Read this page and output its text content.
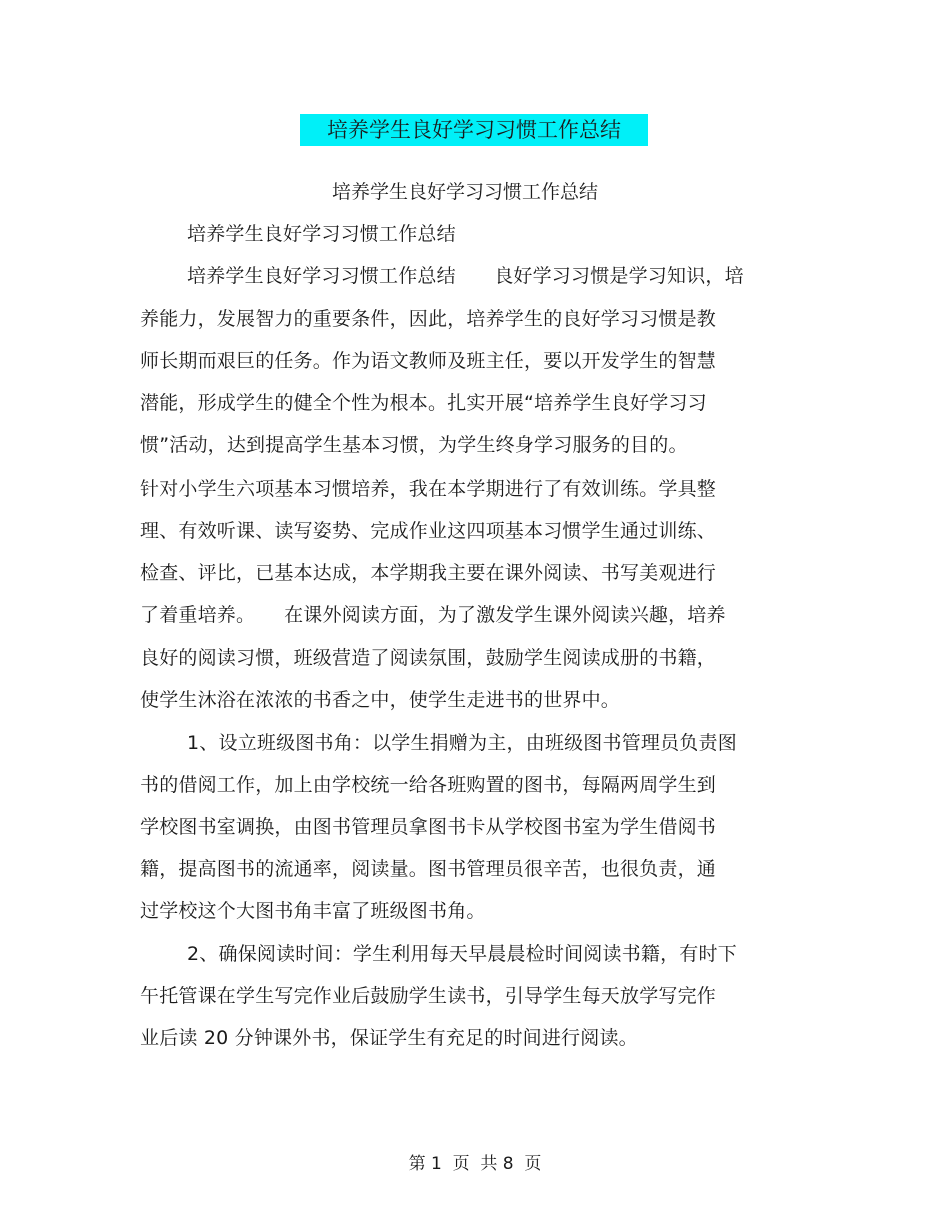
培养学生良好学习习惯工作总结
培养学生良好学习习惯工作总结
培养学生良好学习习惯工作总结
培养学生良好学习习惯工作总结　　良好学习习惯是学习知识，培
养能力，发展智力的重要条件，因此，培养学生的良好学习习惯是教
师长期而艰巨的任务。作为语文教师及班主任，要以开发学生的智慧
潜能，形成学生的健全个性为根本。扎实开展“培养学生良好学习习
惯”活动，达到提高学生基本习惯，为学生终身学习服务的目的。
针对小学生六项基本习惯培养，我在本学期进行了有效训练。学具整
理、有效听课、读写姿势、完成作业这四项基本习惯学生通过训练、
检查、评比，已基本达成，本学期我主要在课外阅读、书写美观进行
了着重培养。　　在课外阅读方面，为了激发学生课外阅读兴趣，培养
良好的阅读习惯，班级营造了阅读氛围，鼓励学生阅读成册的书籍，
使学生沐浴在浓浓的书香之中，使学生走进书的世界中。
1、设立班级图书角：以学生捐赠为主，由班级图书管理员负责图
书的借阅工作，加上由学校统一给各班购置的图书，每隔两周学生到
学校图书室调换，由图书管理员拿图书卡从学校图书室为学生借阅书
籍，提高图书的流通率，阅读量。图书管理员很辛苦，也很负责，通
过学校这个大图书角丰富了班级图书角。
2、确保阅读时间：学生利用每天早晨晨检时间阅读书籍，有时下
午托管课在学生写完作业后鼓励学生读书，引导学生每天放学写完作
业后读 20 分钟课外书，保证学生有充足的时间进行阅读。
第 1  页  共 8  页
